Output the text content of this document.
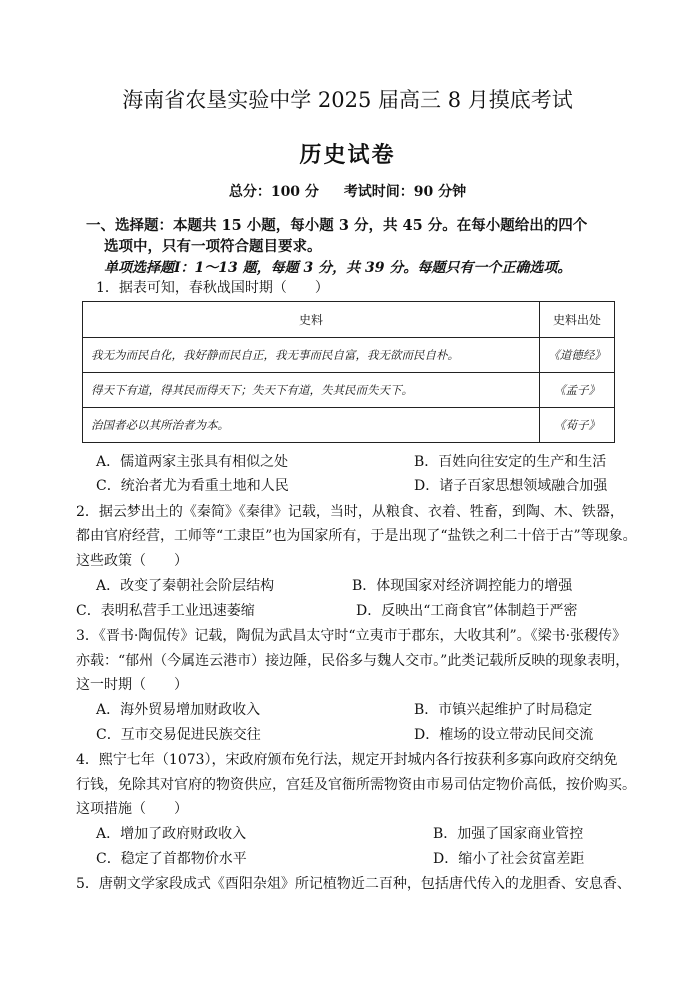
海南省农垦实验中学 2025 届高三 8 月摸底考试
历史试卷
总分：100 分 考试时间：90 分钟
一、选择题：本题共 15 小题，每小题 3 分，共 45 分。在每小题给出的四个
选项中，只有一项符合题目要求。
单项选择题Ⅰ：1～13 题，每题 3 分，共 39 分。每题只有一个正确选项。
1．据表可知，春秋战国时期（　　）
史料	史料出处
我无为而民自化，我好静而民自正，我无事而民自富，我无欲而民自朴。	《道德经》
得天下有道，得其民而得天下；失天下有道，失其民而失天下。	《孟子》
治国者必以其所治者为本。	《荀子》
A．儒道两家主张具有相似之处	B．百姓向往安定的生产和生活
C．统治者尤为看重土地和人民	D．诸子百家思想领域融合加强
2．据云梦出土的《秦简》《秦律》记载，当时，从粮食、衣着、牲畜，到陶、木、铁器，
都由官府经营，工师等“工隶臣”也为国家所有，于是出现了“盐铁之利二十倍于古”等现象。
这些政策（　　）
A．改变了秦朝社会阶层结构	B．体现国家对经济调控能力的增强
C．表明私营手工业迅速萎缩	D．反映出“工商食官”体制趋于严密
3．《晋书·陶侃传》记载，陶侃为武昌太守时“立夷市于郡东，大收其利”。《梁书·张稷传》
亦载：“郁州（今属连云港市）接边陲，民俗多与魏人交市。”此类记载所反映的现象表明，
这一时期（　　）
A．海外贸易增加财政收入	B．市镇兴起维护了时局稳定
C．互市交易促进民族交往	D．榷场的设立带动民间交流
4．熙宁七年（1073），宋政府颁布免行法，规定开封城内各行按获利多寡向政府交纳免
行钱，免除其对官府的物资供应，宫廷及官衙所需物资由市易司估定物价高低，按价购买。
这项措施（　　）
A．增加了政府财政收入	B．加强了国家商业管控
C．稳定了首都物价水平	D．缩小了社会贫富差距
5．唐朝文学家段成式《酉阳杂俎》所记植物近二百种，包括唐代传入的龙胆香、安息香、
